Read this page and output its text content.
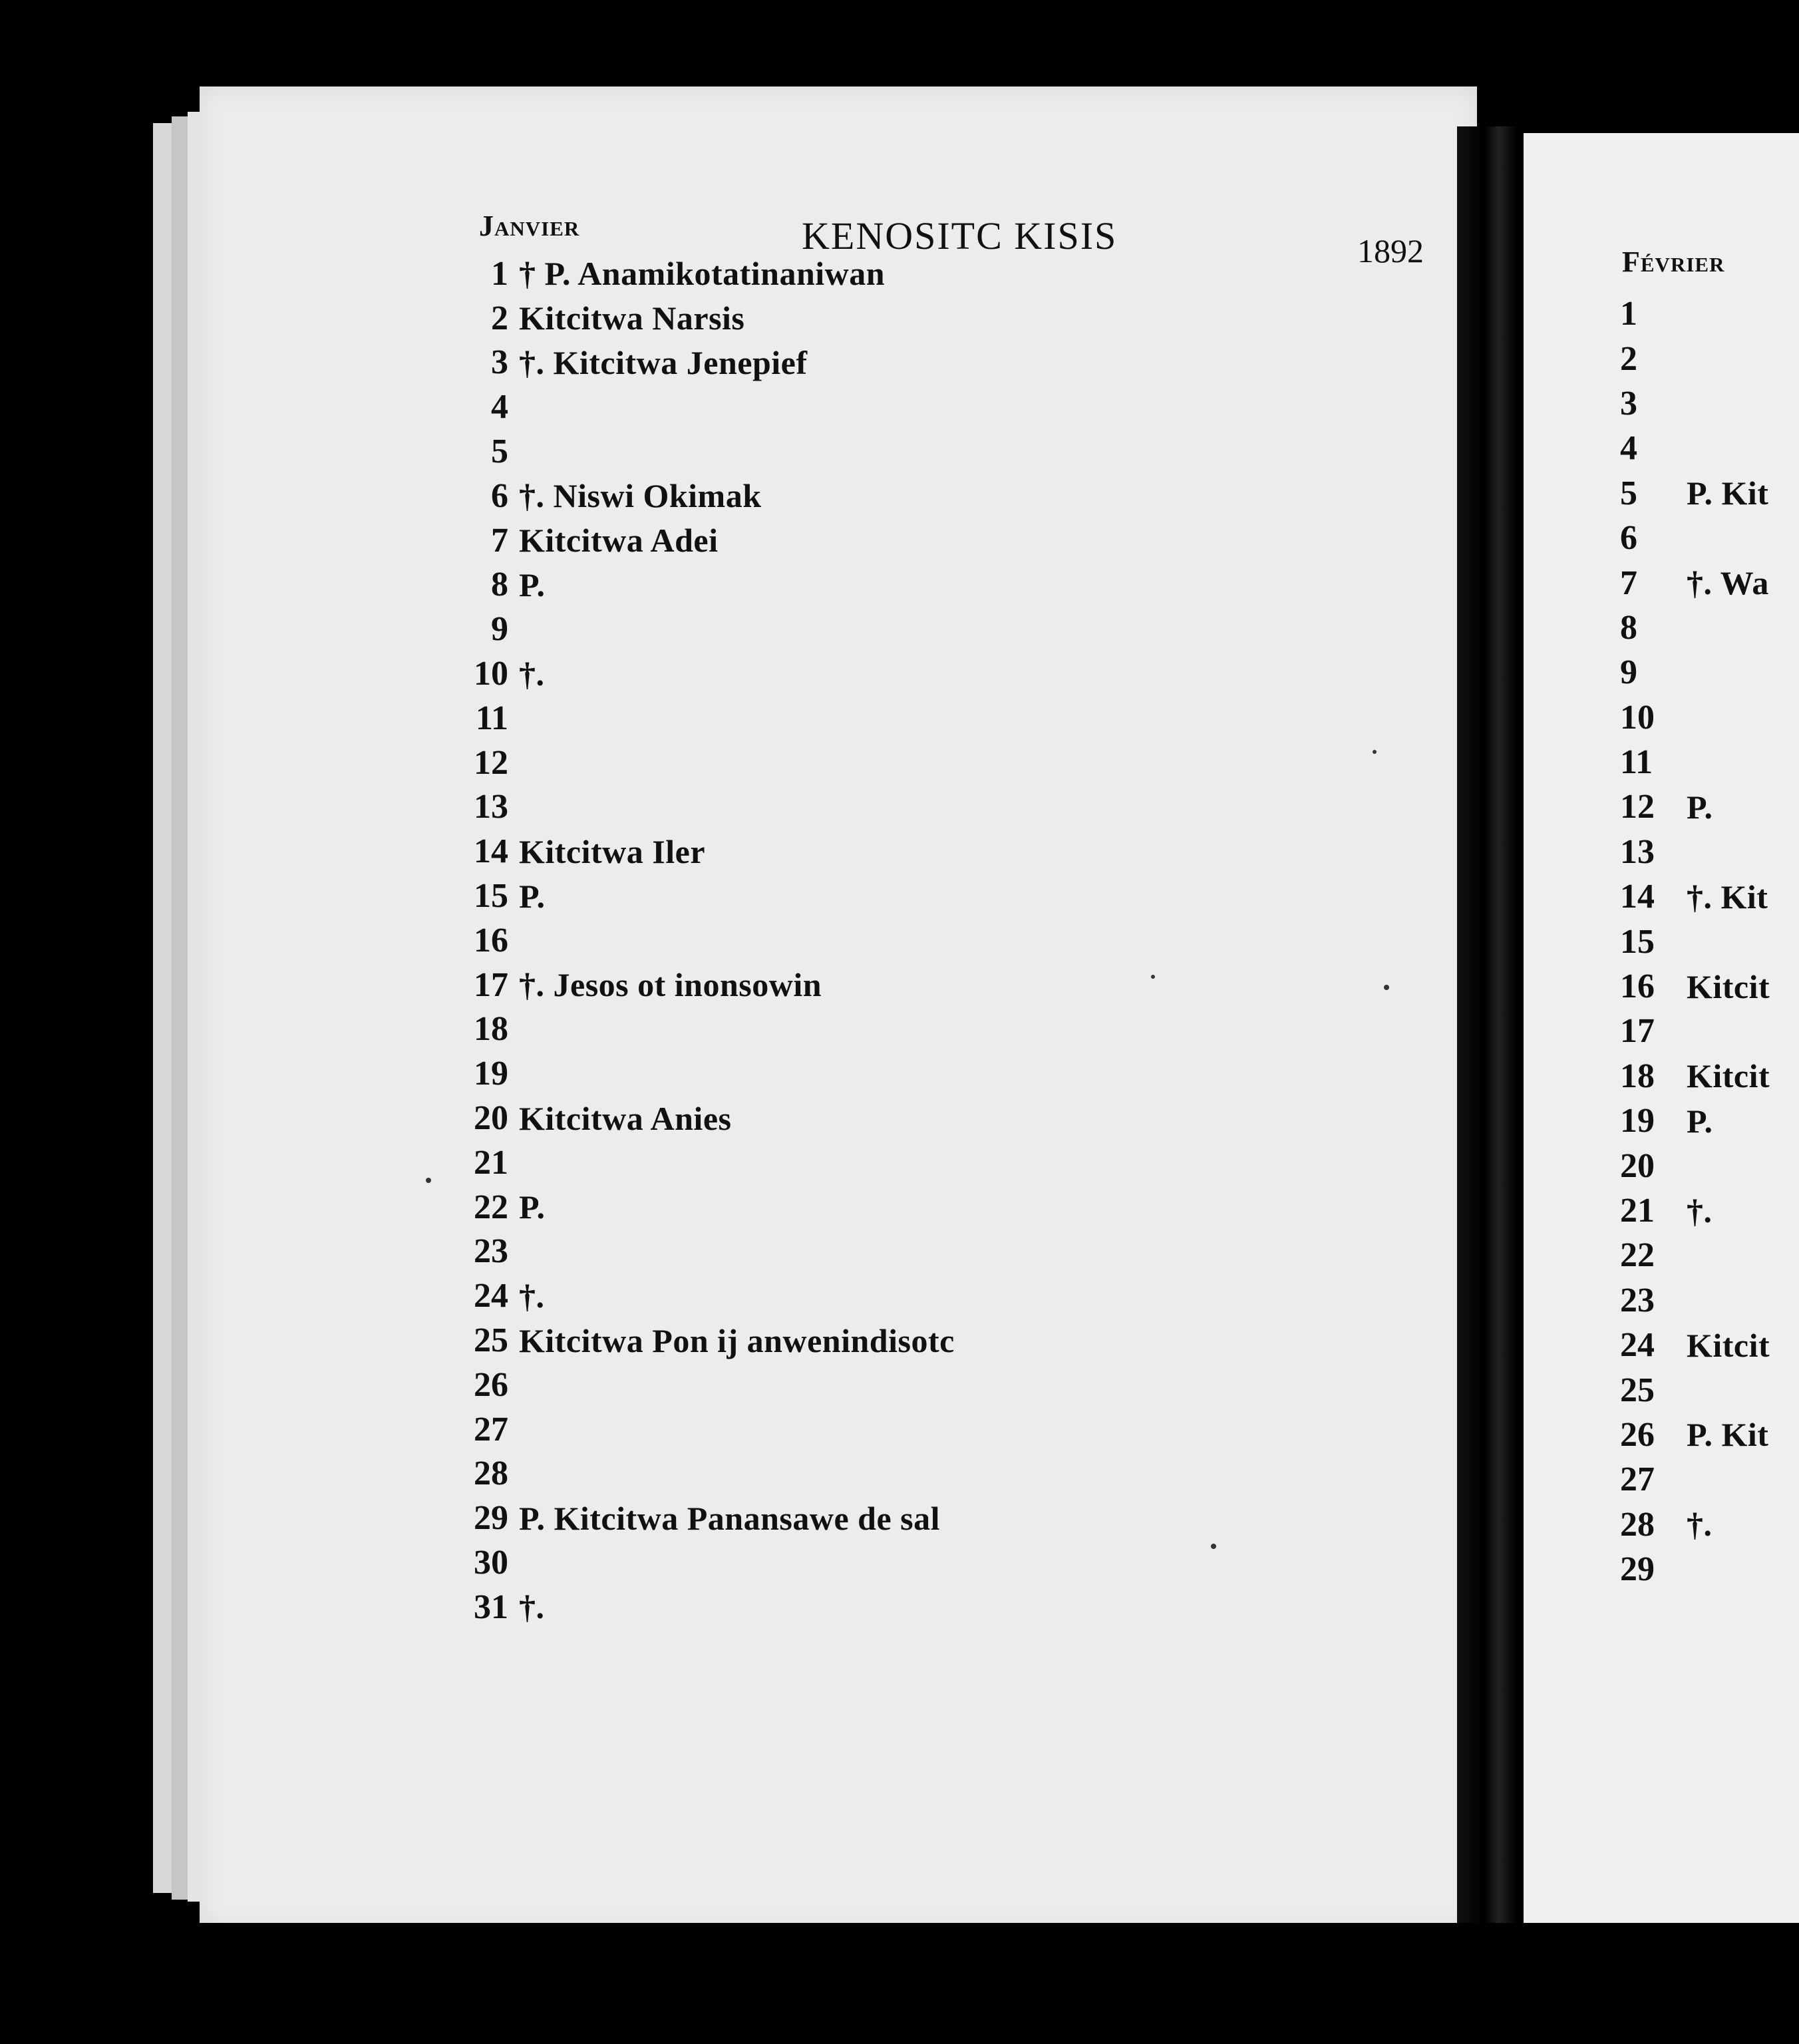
Janvier	KENOSITC KISIS	1892	Février
1 † P. Anamikotatinaniwan
2 Kitcitwa Narsis
3 †. Kitcitwa Jenepief
4
5
6 †. Niswi Okimak
7 Kitcitwa Adei
8 P.
9
10 †.
11
12
13
14 Kitcitwa Iler
15 P.
16
17 †. Jesos ot inonsowin
18
19
20 Kitcitwa Anies
21
22 P.
23
24 †.
25 Kitcitwa Pon ij anwenindisotc
26
27
28
29 P. Kitcitwa Panansawe de sal
30
31 †.
1
2
3
4
5	P. Kit
6
7	†. Wa
8
9
10
11
12 P.
13
14 †. Kit
15
16 Kitcit
17
18 Kitcit
19 P.
20
21 †.
22
23
24 Kitcit
25
26 P. Kit
27
28 †.
29
